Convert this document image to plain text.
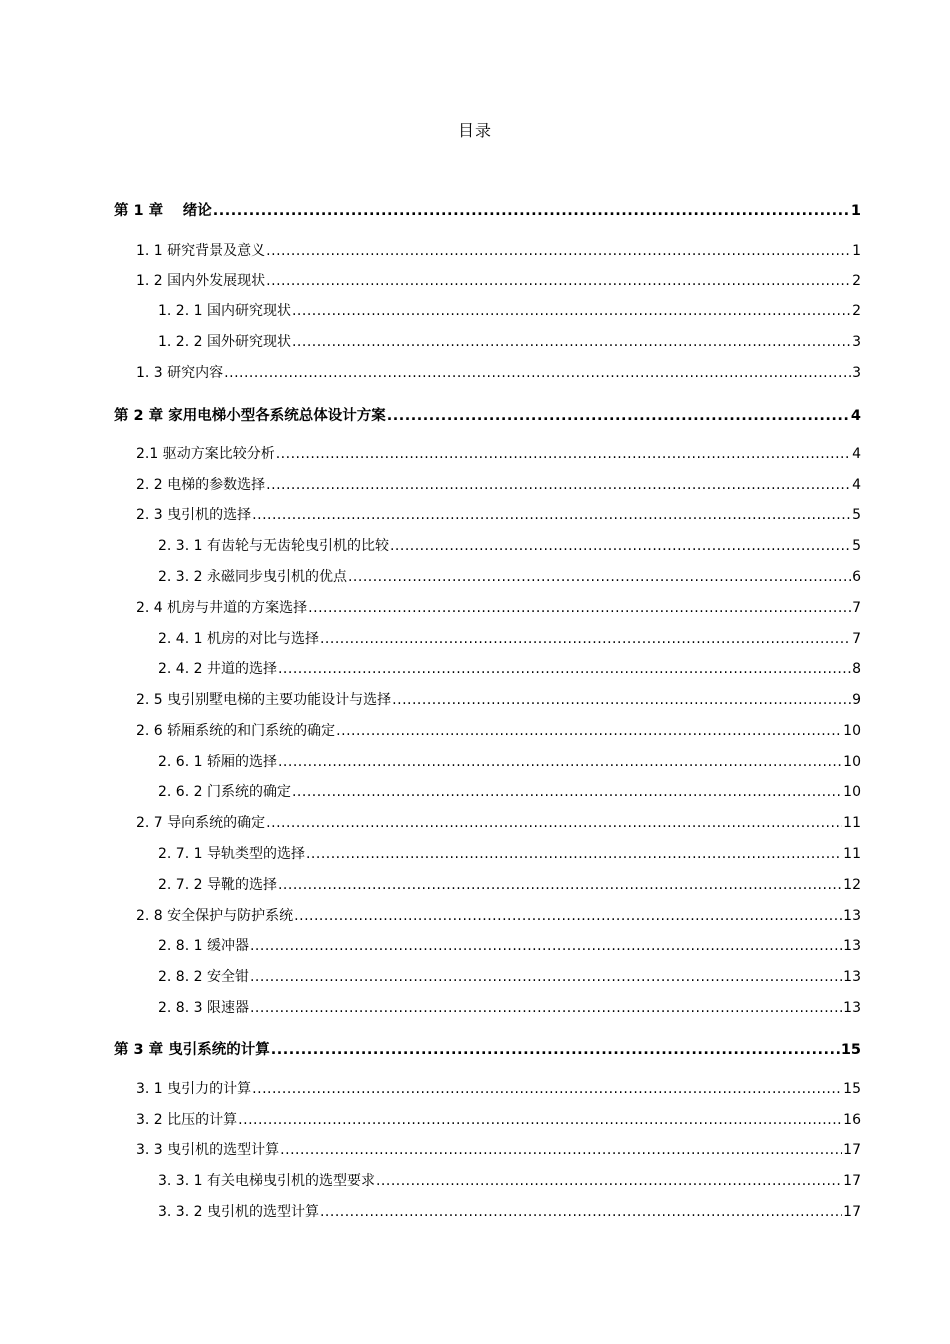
目录
第 1 章　 绪论 .....	1
1. 1 研究背景及意义 .....	1
1. 2 国内外发展现状 .....	2
1. 2. 1 国内研究现状 .....	2
1. 2. 2 国外研究现状 .....	3
1. 3 研究内容 .....	3
第 2 章 家用电梯小型各系统总体设计方案 .....	4
2.1 驱动方案比较分析 .....	4
2. 2 电梯的参数选择 .....	4
2. 3 曳引机的选择 .....	5
2. 3. 1 有齿轮与无齿轮曳引机的比较 .....	5
2. 3. 2 永磁同步曳引机的优点 .....	6
2. 4 机房与井道的方案选择 .....	7
2. 4. 1 机房的对比与选择 .....	7
2. 4. 2 井道的选择 .....	8
2. 5 曳引别墅电梯的主要功能设计与选择 .....	9
2. 6 轿厢系统的和门系统的确定 .....	10
2. 6. 1 轿厢的选择 .....	10
2. 6. 2 门系统的确定 .....	10
2. 7 导向系统的确定 .....	11
2. 7. 1 导轨类型的选择 .....	11
2. 7. 2 导靴的选择 .....	12
2. 8 安全保护与防护系统 .....	13
2. 8. 1 缓冲器 .....	13
2. 8. 2 安全钳 .....	13
2. 8. 3 限速器 .....	13
第 3 章 曳引系统的计算 .....	15
3. 1 曳引力的计算 .....	15
3. 2 比压的计算 .....	16
3. 3 曳引机的选型计算 .....	17
3. 3. 1 有关电梯曳引机的选型要求 .....	17
3. 3. 2 曳引机的选型计算 .....	17
